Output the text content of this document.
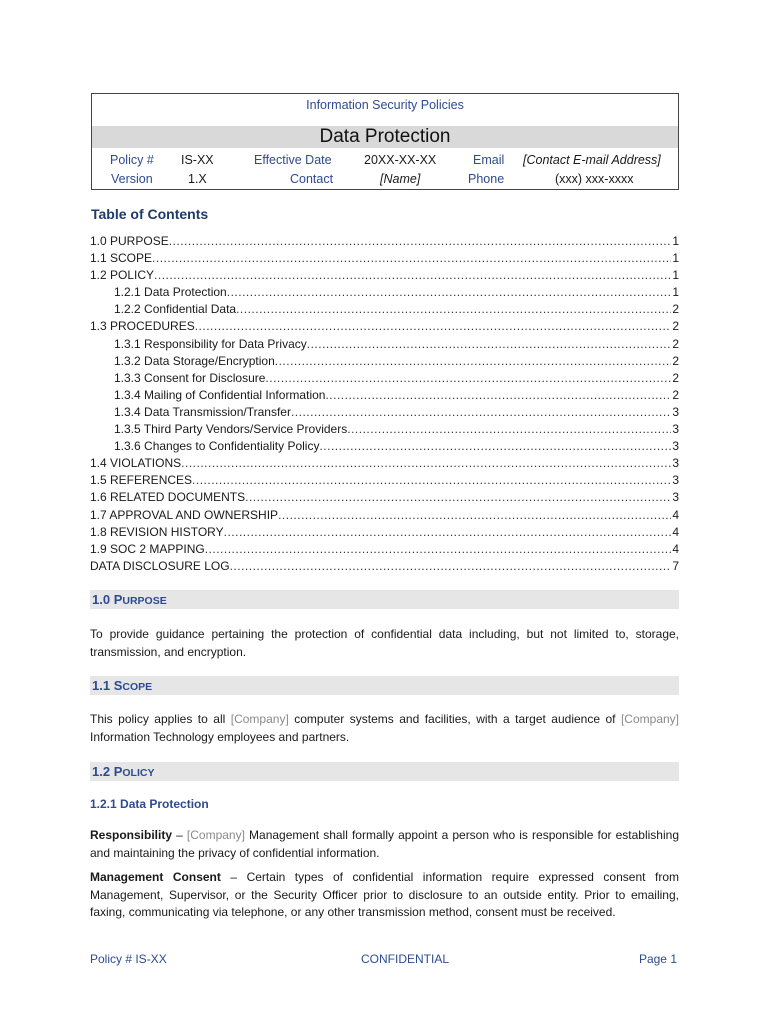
Information Security Policies
Data Protection
Policy # IS-XX	Effective Date	20XX-XX-XX	Email [Contact E-mail Address]
Version	1.X	Contact	[Name]	Phone	(xxx) xxx-xxxx
Table of Contents
1.0 PURPOSE .....	1
1.1 SCOPE .....	1
1.2 POLICY .....	1
1.2.1 Data Protection .....	1
1.2.2 Confidential Data .....	2
1.3 PROCEDURES .....	2
1.3.1 Responsibility for Data Privacy .....	2
1.3.2 Data Storage/Encryption .....	2
1.3.3 Consent for Disclosure .....	2
1.3.4 Mailing of Confidential Information .....	2
1.3.4 Data Transmission/Transfer .....	3
1.3.5 Third Party Vendors/Service Providers .....	3
1.3.6 Changes to Confidentiality Policy .....	3
1.4 VIOLATIONS .....	3
1.5 REFERENCES .....	3
1.6 RELATED DOCUMENTS .....	3
1.7 APPROVAL AND OWNERSHIP .....	4
1.8 REVISION HISTORY .....	4
1.9 SOC 2 MAPPING .....	4
DATA DISCLOSURE LOG .....	7
1.0 PURPOSE
To provide guidance pertaining the protection of confidential data including, but not limited to, storage, transmission, and encryption.
1.1 SCOPE
This policy applies to all [Company] computer systems and facilities, with a target audience of [Company] Information Technology employees and partners.
1.2 POLICY
1.2.1 Data Protection
Responsibility – [Company] Management shall formally appoint a person who is responsible for establishing and maintaining the privacy of confidential information.
Management Consent – Certain types of confidential information require expressed consent from Management, Supervisor, or the Security Officer prior to disclosure to an outside entity. Prior to emailing, faxing, communicating via telephone, or any other transmission method, consent must be received.
Policy # IS-XX	CONFIDENTIAL	Page 1
